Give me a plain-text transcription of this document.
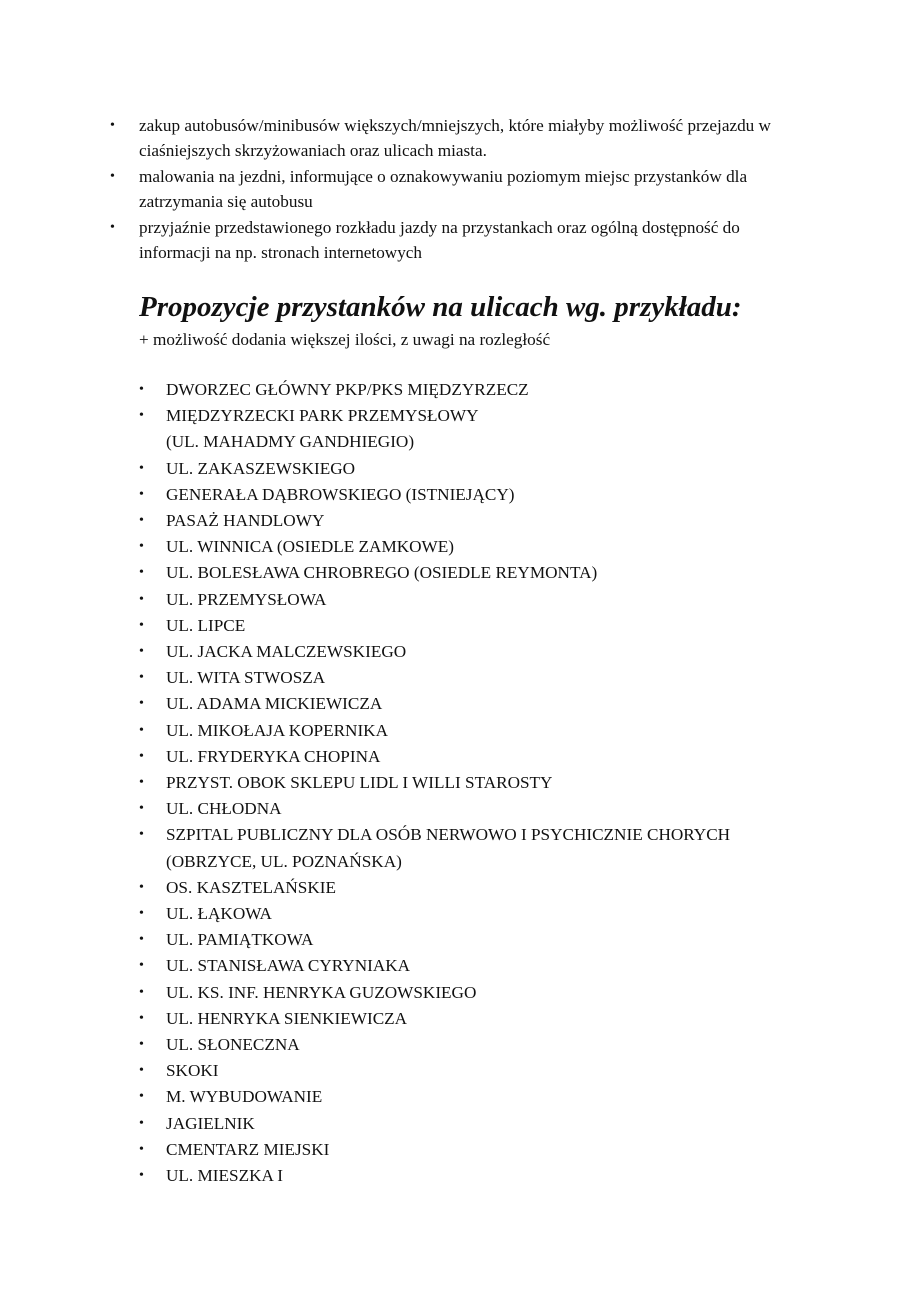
•	zakup autobusów/minibusów większych/mniejszych, które miałyby możliwość przejazdu w
ciaśniejszych skrzyżowaniach oraz ulicach miasta.
•	malowania na jezdni, informujące o oznakowywaniu poziomym miejsc przystanków dla
zatrzymania się autobusu
•	przyjaźnie przedstawionego rozkładu jazdy na przystankach oraz ogólną dostępność do
informacji na np. stronach internetowych
Propozycje przystanków na ulicach wg. przykładu:
+ możliwość dodania większej ilości, z uwagi na rozległość
•	DWORZEC GŁÓWNY PKP/PKS MIĘDZYRZECZ
•	MIĘDZYRZECKI PARK PRZEMYSŁOWY
(UL. MAHADMY GANDHIEGIO)
•	UL. ZAKASZEWSKIEGO
•	GENERAŁA DĄBROWSKIEGO (ISTNIEJĄCY)
•	PASAŻ HANDLOWY
•	UL. WINNICA (OSIEDLE ZAMKOWE)
•	UL. BOLESŁAWA CHROBREGO (OSIEDLE REYMONTA)
•	UL. PRZEMYSŁOWA
•	UL. LIPCE
•	UL. JACKA MALCZEWSKIEGO
•	UL. WITA STWOSZA
•	UL. ADAMA MICKIEWICZA
•	UL. MIKOŁAJA KOPERNIKA
•	UL. FRYDERYKA CHOPINA
•	PRZYST. OBOK SKLEPU LIDL I WILLI STAROSTY
•	UL. CHŁODNA
•	SZPITAL PUBLICZNY DLA OSÓB NERWOWO I PSYCHICZNIE CHORYCH
(OBRZYCE, UL. POZNAŃSKA)
•	OS. KASZTELAŃSKIE
•	UL. ŁĄKOWA
•	UL. PAMIĄTKOWA
•	UL. STANISŁAWA CYRYNIAKA
•	UL. KS. INF. HENRYKA GUZOWSKIEGO
•	UL. HENRYKA SIENKIEWICZA
•	UL. SŁONECZNA
•	SKOKI
•	M. WYBUDOWANIE
•	JAGIELNIK
•	CMENTARZ MIEJSKI
•	UL. MIESZKA I
